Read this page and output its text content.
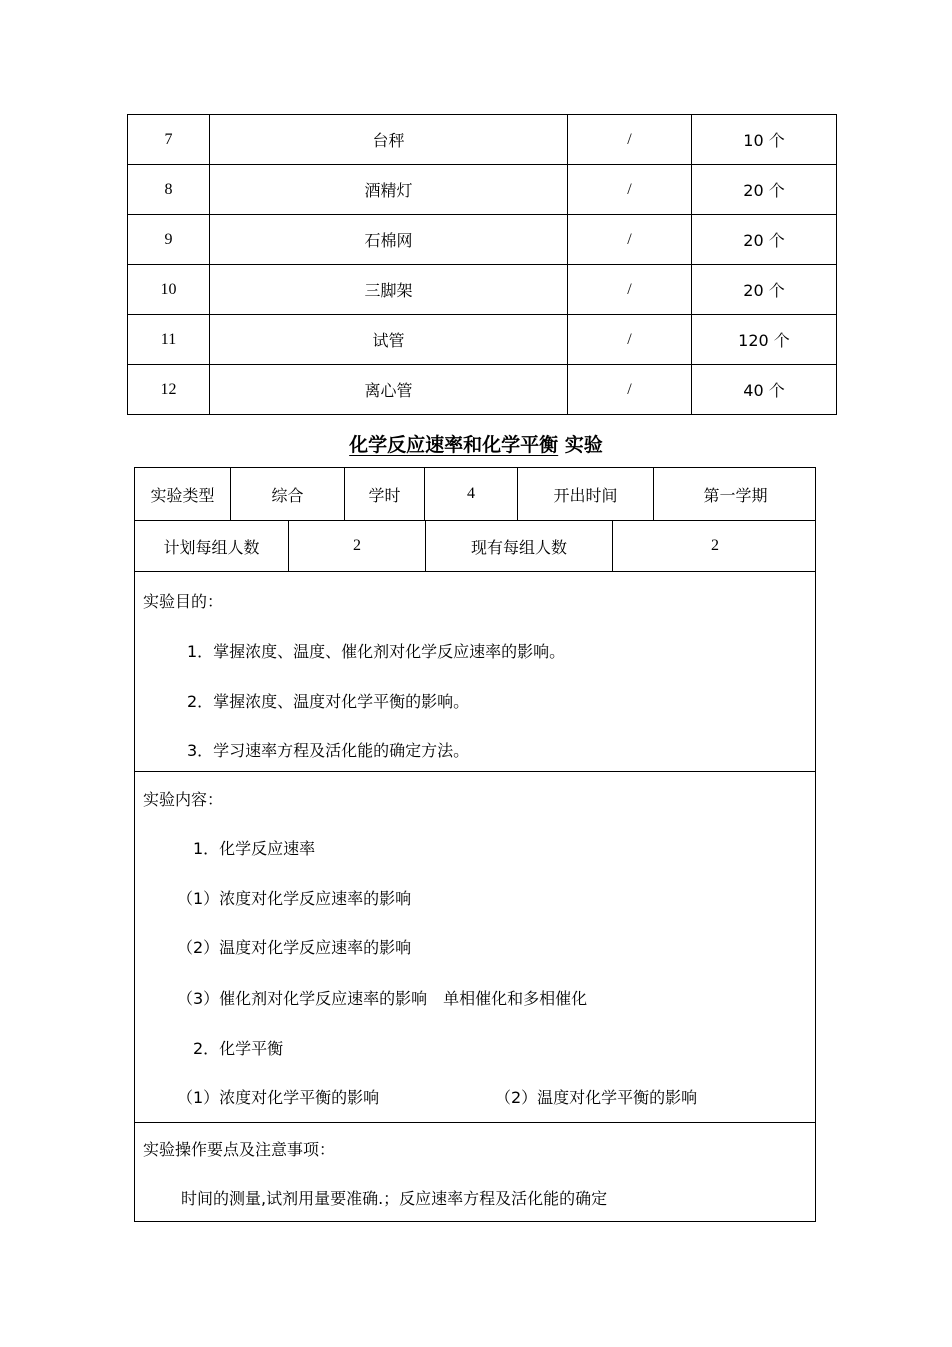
7	台秤	/	10 个
8	酒精灯	/	20 个
9	石棉网	/	20 个
10	三脚架	/	20 个
11	试管	/	120 个
12	离心管	/	40 个
化学反应速率和化学平衡 实验
实验类型	综合	学时	4	开出时间	第一学期
计划每组人数	2	现有每组人数	2
实验目的：
1．掌握浓度、温度、催化剂对化学反应速率的影响。
2．掌握浓度、温度对化学平衡的影响。
3．学习速率方程及活化能的确定方法。
实验内容：
1．化学反应速率
（1）浓度对化学反应速率的影响
（2）温度对化学反应速率的影响
（3）催化剂对化学反应速率的影响　单相催化和多相催化
2．化学平衡
（1）浓度对化学平衡的影响	（2）温度对化学平衡的影响
实验操作要点及注意事项：
时间的测量,试剂用量要准确.；反应速率方程及活化能的确定
